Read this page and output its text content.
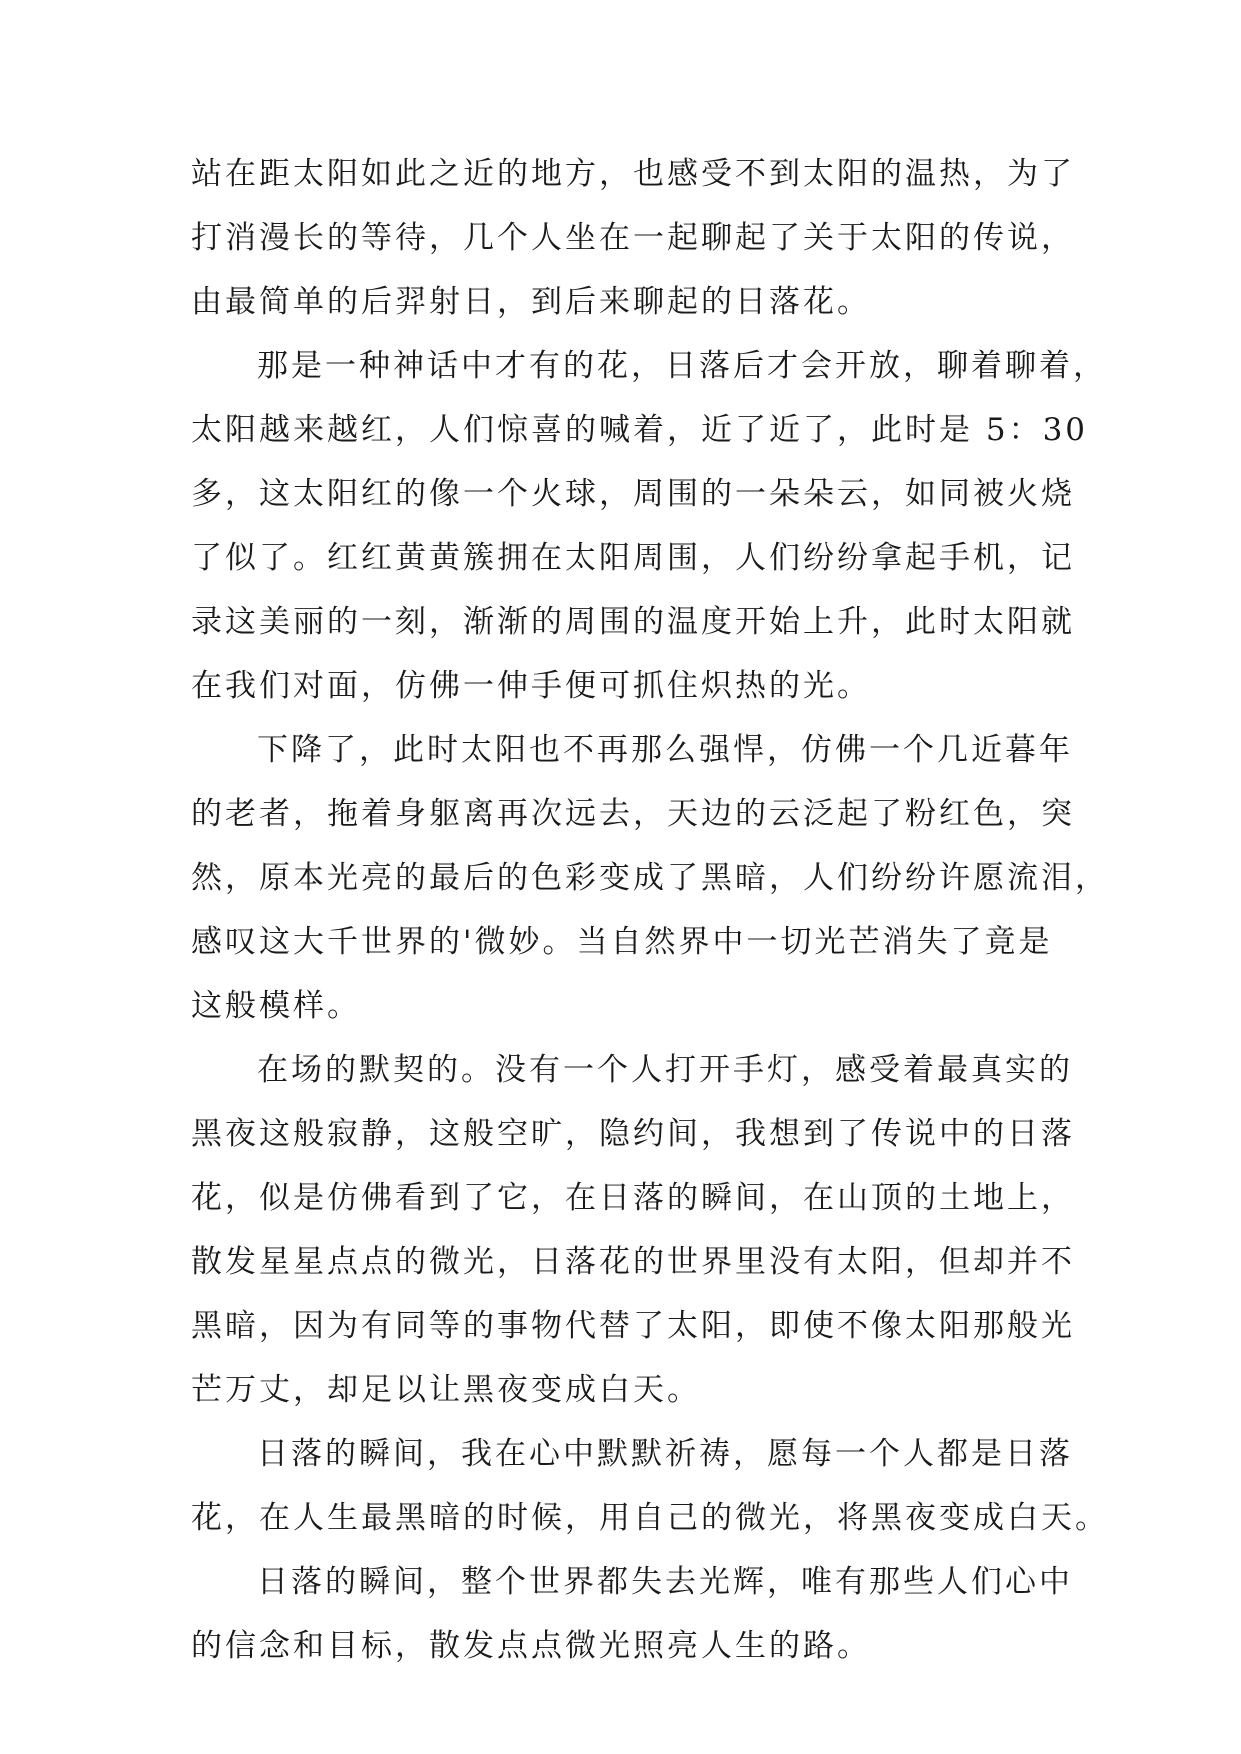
站在距太阳如此之近的地方，也感受不到太阳的温热，为了
打消漫长的等待，几个人坐在一起聊起了关于太阳的传说，
由最简单的后羿射日，到后来聊起的日落花。
那是一种神话中才有的花，日落后才会开放，聊着聊着，
太阳越来越红，人们惊喜的喊着，近了近了，此时是 5：30
多，这太阳红的像一个火球，周围的一朵朵云，如同被火烧
了似了。红红黄黄簇拥在太阳周围，人们纷纷拿起手机，记
录这美丽的一刻，渐渐的周围的温度开始上升，此时太阳就
在我们对面，仿佛一伸手便可抓住炽热的光。
下降了，此时太阳也不再那么强悍，仿佛一个几近暮年
的老者，拖着身躯离再次远去，天边的云泛起了粉红色，突
然，原本光亮的最后的色彩变成了黑暗，人们纷纷许愿流泪，
感叹这大千世界的'微妙。当自然界中一切光芒消失了竟是
这般模样。
在场的默契的。没有一个人打开手灯，感受着最真实的
黑夜这般寂静，这般空旷，隐约间，我想到了传说中的日落
花，似是仿佛看到了它，在日落的瞬间，在山顶的土地上，
散发星星点点的微光，日落花的世界里没有太阳，但却并不
黑暗，因为有同等的事物代替了太阳，即使不像太阳那般光
芒万丈，却足以让黑夜变成白天。
日落的瞬间，我在心中默默祈祷，愿每一个人都是日落
花，在人生最黑暗的时候，用自己的微光，将黑夜变成白天。
日落的瞬间，整个世界都失去光辉，唯有那些人们心中
的信念和目标，散发点点微光照亮人生的路。
